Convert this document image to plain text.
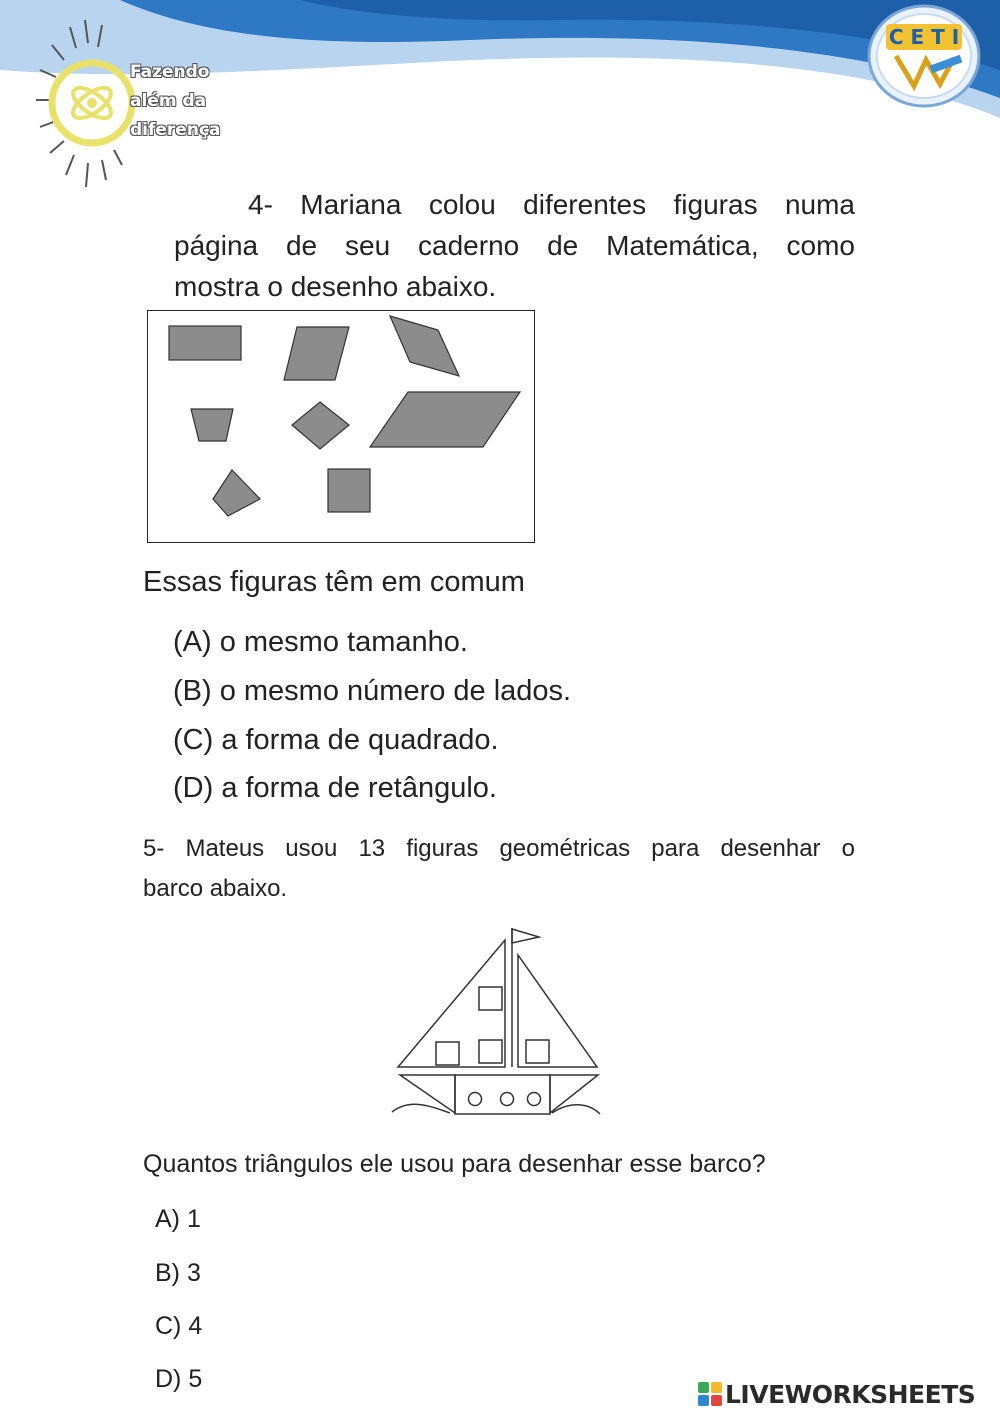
Fazendo
além da
diferença
C E T I
4- Mariana colou diferentes figuras numa
página de seu caderno de Matemática, como
mostra o desenho abaixo.
Essas figuras têm em comum
(A) o mesmo tamanho.
(B) o mesmo número de lados.
(C) a forma de quadrado.
(D) a forma de retângulo.
5- Mateus usou 13 figuras geométricas para desenhar o
barco abaixo.
Quantos triângulos ele usou para desenhar esse barco?
A) 1
B) 3
C) 4
D) 5
LIVEWORKSHEETS
